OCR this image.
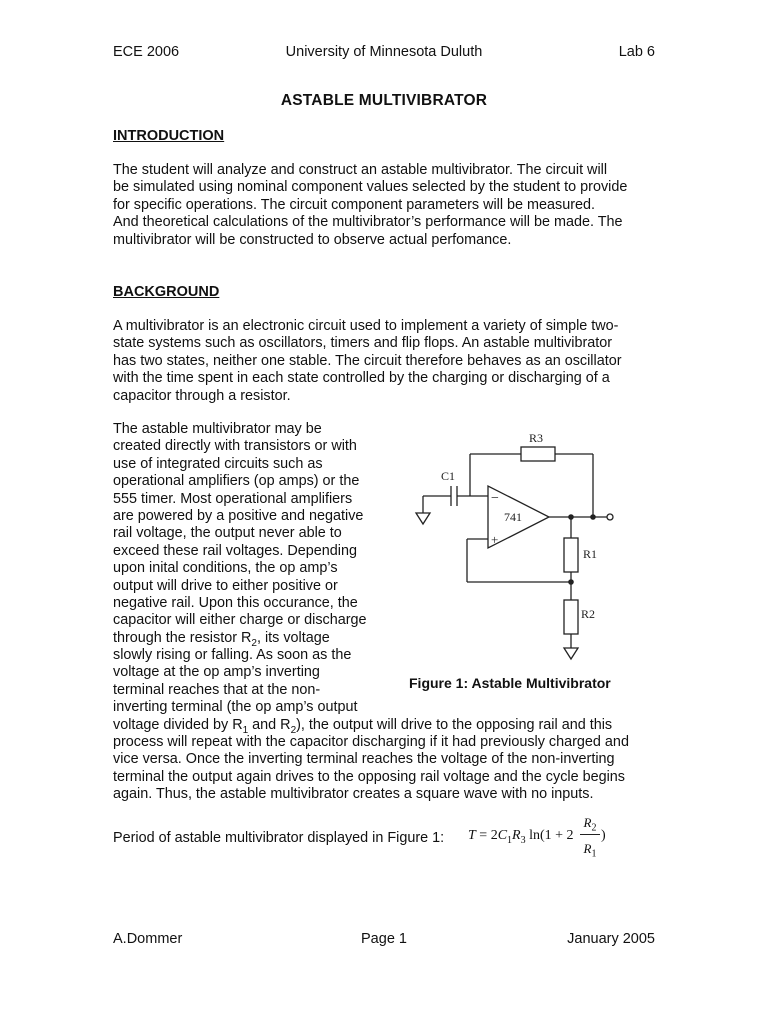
ECE 2006	University of Minnesota Duluth	Lab 6
ASTABLE MULTIVIBRATOR
INTRODUCTION
The student will analyze and construct an astable multivibrator. The circuit will
be simulated using nominal component values selected by the student to provide
for specific operations. The circuit component parameters will be measured.
And theoretical calculations of the multivibrator’s performance will be made. The
multivibrator will be constructed to observe actual perfomance.
BACKGROUND
A multivibrator is an electronic circuit used to implement a variety of simple two-
state systems such as oscillators, timers and flip flops. An astable multivibrator
has two states, neither one stable. The circuit therefore behaves as an oscillator
with the time spent in each state controlled by the charging or discharging of a
capacitor through a resistor.
The astable multivibrator may be
created directly with transistors or with
use of integrated circuits such as
operational amplifiers (op amps) or the
555 timer. Most operational amplifiers
are powered by a positive and negative
rail voltage, the output never able to
exceed these rail voltages. Depending
upon inital conditions, the op amp’s
output will drive to either positive or
negative rail. Upon this occurance, the
capacitor will either charge or discharge
through the resistor $R_2$, its voltage
slowly rising or falling. As soon as the
voltage at the op amp’s inverting
terminal reaches that at the non-
inverting terminal (the op amp’s output
voltage divided by $R_1$ and $R_2$), the output will drive to the opposing rail and this
process will repeat with the capacitor discharging if it had previously charged and
vice versa. Once the inverting terminal reaches the voltage of the non-inverting
terminal the output again drives to the opposing rail voltage and the cycle begins
again. Thus, the astable multivibrator creates a square wave with no inputs.
R3
C1
741
R1
R2
−
+
Figure 1: Astable Multivibrator
Period of astable multivibrator displayed in Figure 1: $T = 2C_1R_3$ ln(1 + 2
$R_2$
$R_1$
)
A.Dommer	Page 1	January 2005
